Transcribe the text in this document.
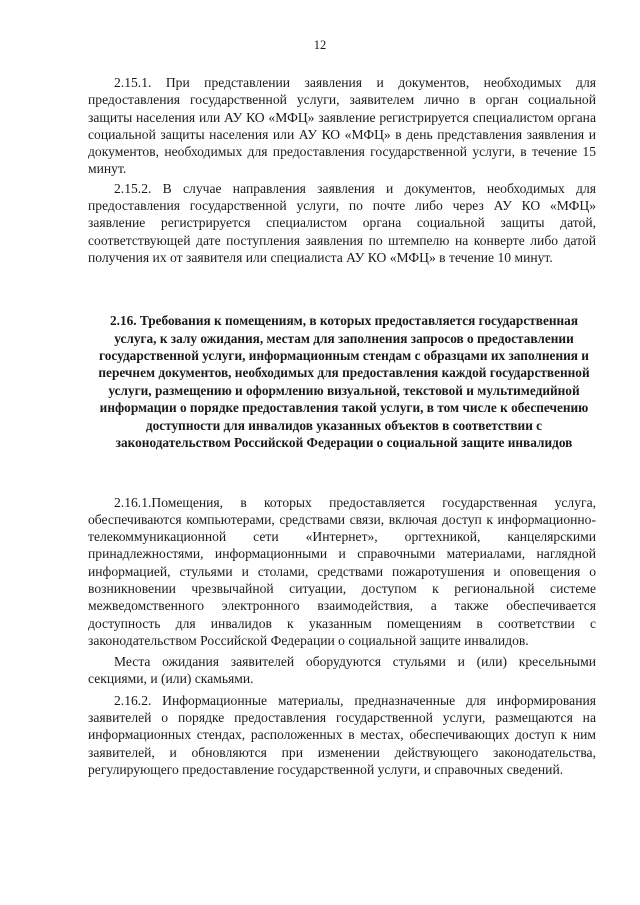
12

2.15.1. При представлении заявления и документов, необходимых для предоставления государственной услуги, заявителем лично в орган социальной защиты населения или АУ КО «МФЦ» заявление регистрируется специалистом органа социальной защиты населения или АУ КО «МФЦ» в день представления заявления и документов, необходимых для предоставления государственной услуги, в течение 15 минут.

2.15.2. В случае направления заявления и документов, необходимых для предоставления государственной услуги, по почте либо через АУ КО «МФЦ» заявление регистрируется специалистом органа социальной защиты датой, соответствующей дате поступления заявления по штемпелю на конверте либо датой получения их от заявителя или специалиста АУ КО «МФЦ» в течение 10 минут.

2.16. Требования к помещениям, в которых предоставляется государственная услуга, к залу ожидания, местам для заполнения запросов о предоставлении государственной услуги, информационным стендам с образцами их заполнения и перечнем документов, необходимых для предоставления каждой государственной услуги, размещению и оформлению визуальной, текстовой и мультимедийной информации о порядке предоставления такой услуги, в том числе к обеспечению доступности для инвалидов указанных объектов в соответствии с законодательством Российской Федерации о социальной защите инвалидов

2.16.1.Помещения, в которых предоставляется государственная услуга, обеспечиваются компьютерами, средствами связи, включая доступ к информационно-телекоммуникационной сети «Интернет», оргтехникой, канцелярскими принадлежностями, информационными и справочными материалами, наглядной информацией, стульями и столами, средствами пожаротушения и оповещения о возникновении чрезвычайной ситуации, доступом к региональной системе межведомственного электронного взаимодействия, а также обеспечивается доступность для инвалидов к указанным помещениям в соответствии с законодательством Российской Федерации о социальной защите инвалидов.

Места ожидания заявителей оборудуются стульями и (или) кресельными секциями, и (или) скамьями.

2.16.2. Информационные материалы, предназначенные для информирования заявителей о порядке предоставления государственной услуги, размещаются на информационных стендах, расположенных в местах, обеспечивающих доступ к ним заявителей, и обновляются при изменении действующего законодательства, регулирующего предоставление государственной услуги, и справочных сведений.
